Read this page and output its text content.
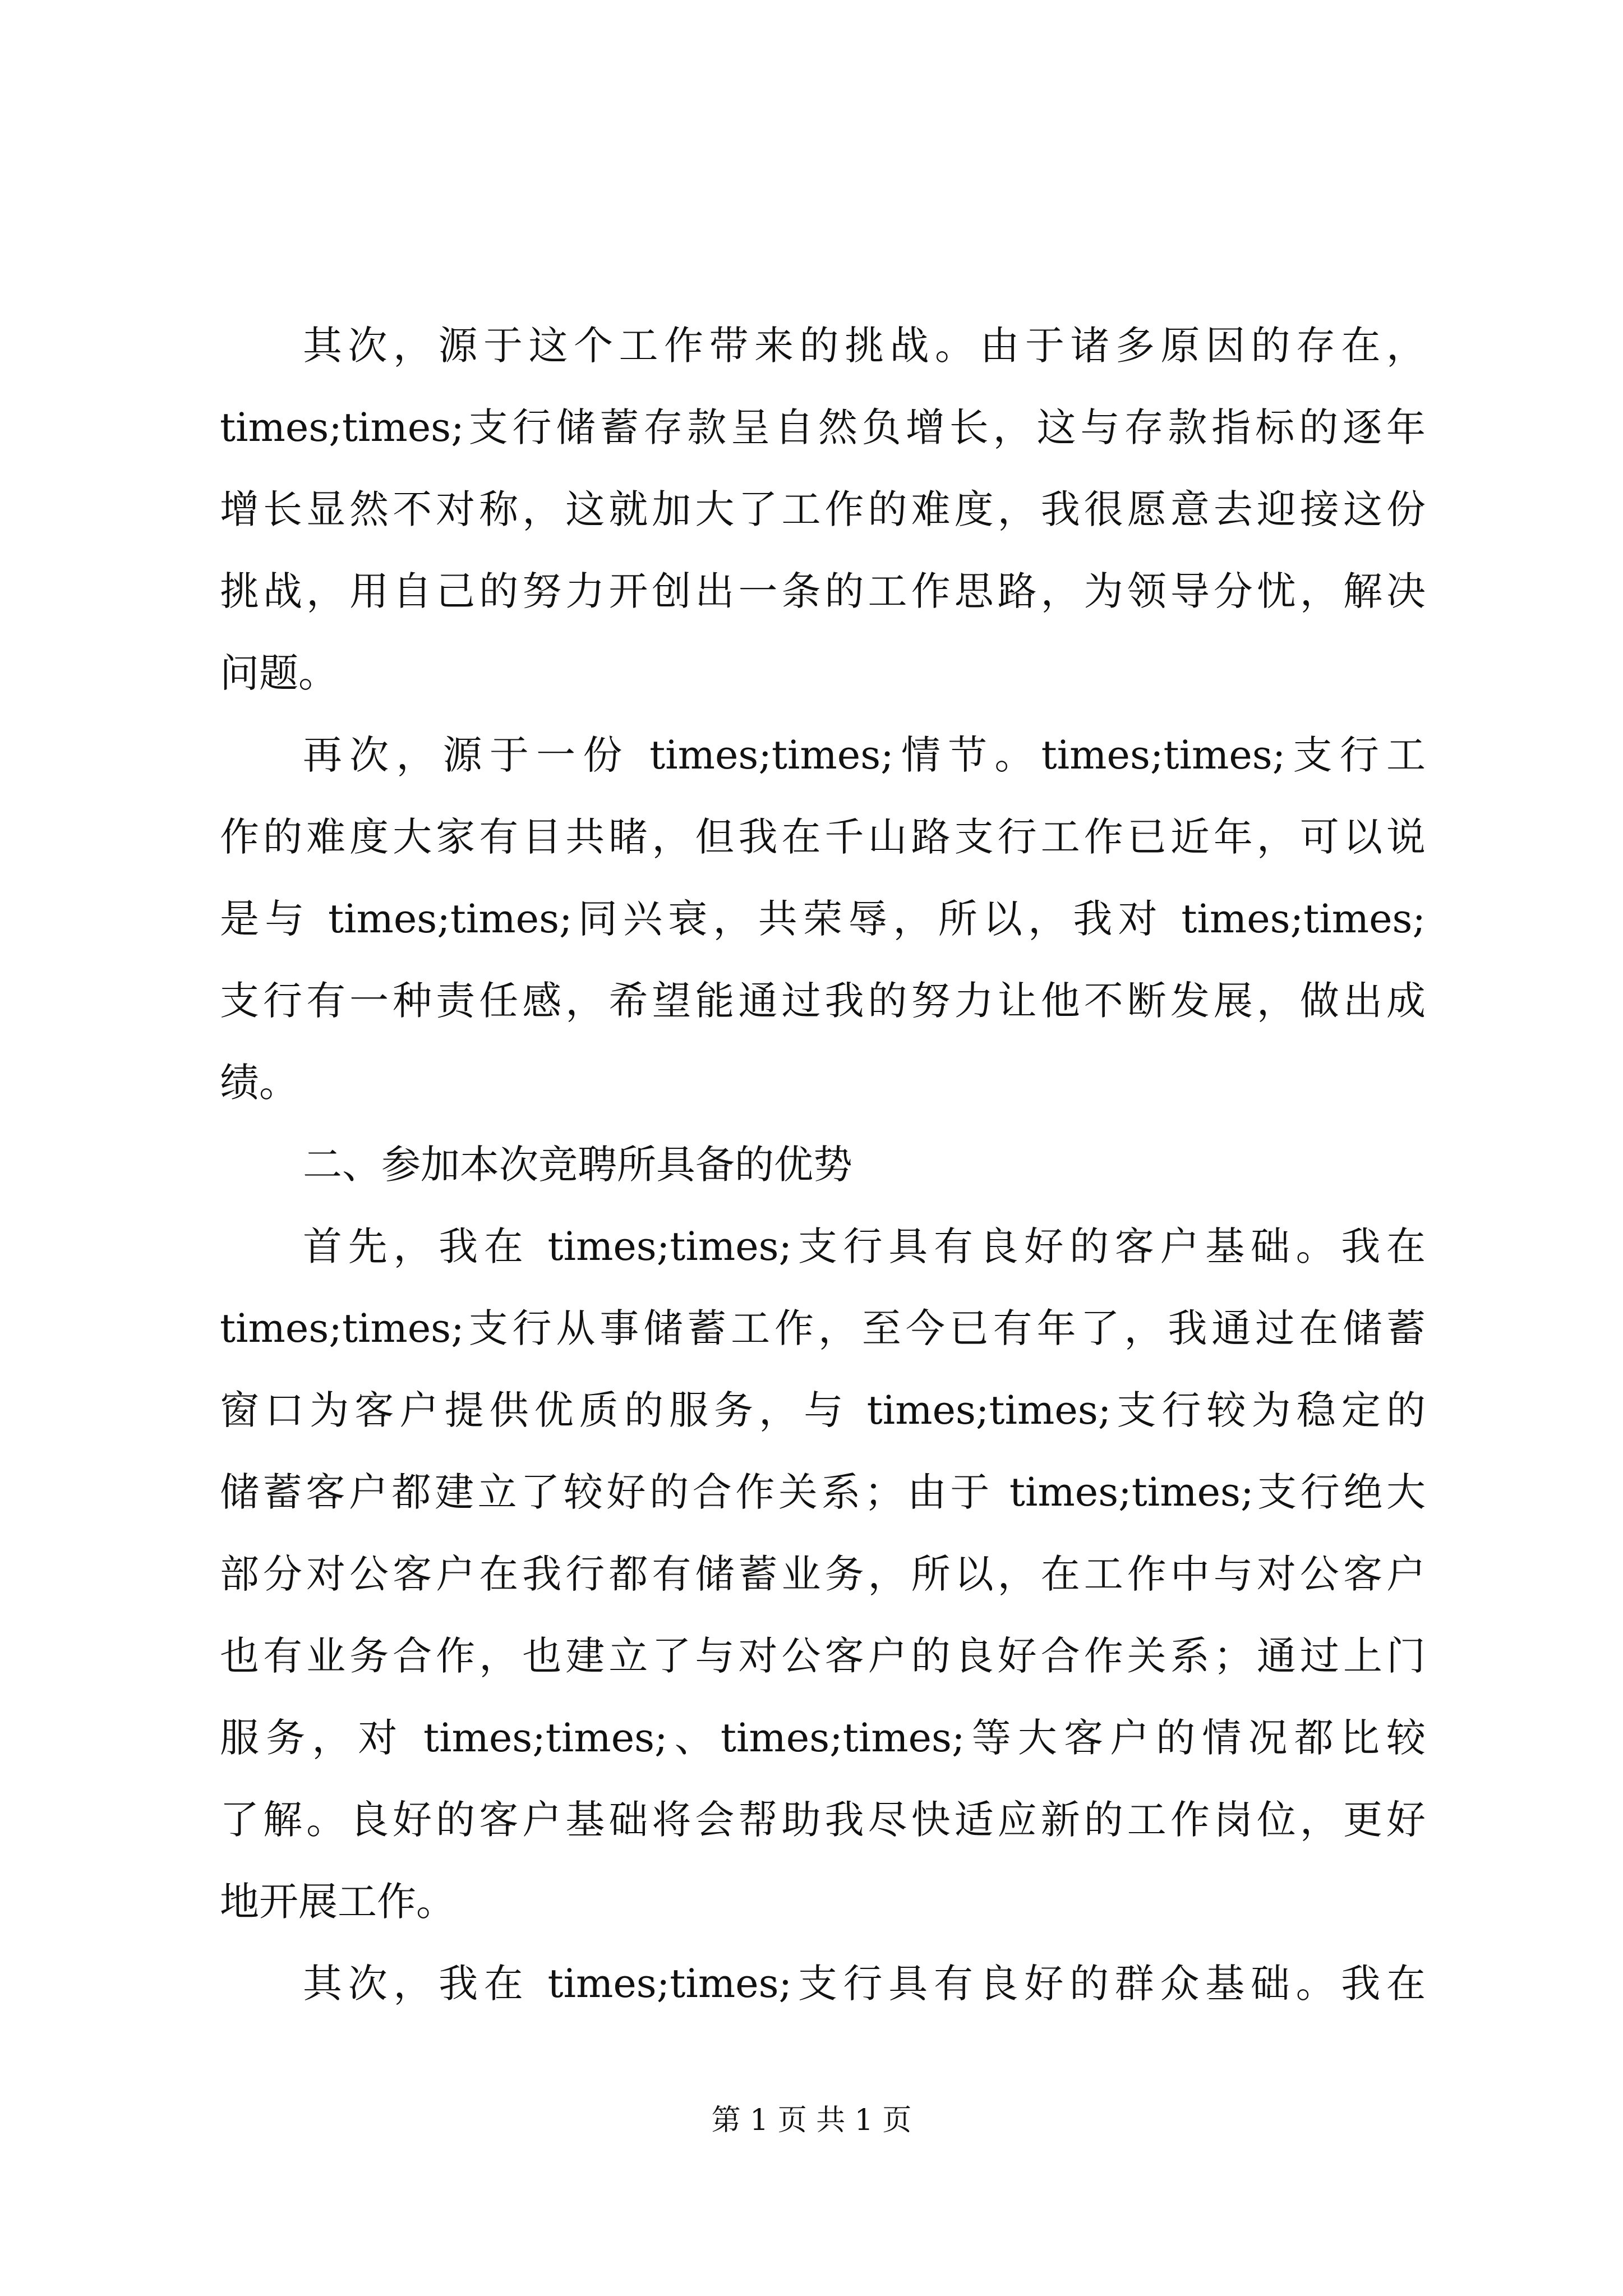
其次，源于这个工作带来的挑战。由于诸多原因的存在，
times;times;支行储蓄存款呈自然负增长，这与存款指标的逐年
增长显然不对称，这就加大了工作的难度，我很愿意去迎接这份
挑战，用自己的努力开创出一条的工作思路，为领导分忧，解决
问题。
再次，源于一份 times;times;情节。times;times;支行工
作的难度大家有目共睹，但我在千山路支行工作已近年，可以说
是与 times;times;同兴衰，共荣辱，所以，我对 times;times;
支行有一种责任感，希望能通过我的努力让他不断发展，做出成
绩。
二、参加本次竞聘所具备的优势
首先，我在 times;times;支行具有良好的客户基础。我在
times;times;支行从事储蓄工作，至今已有年了，我通过在储蓄
窗口为客户提供优质的服务，与 times;times;支行较为稳定的
储蓄客户都建立了较好的合作关系；由于 times;times;支行绝大
部分对公客户在我行都有储蓄业务，所以，在工作中与对公客户
也有业务合作，也建立了与对公客户的良好合作关系；通过上门
服务，对 times;times;、times;times;等大客户的情况都比较
了解。良好的客户基础将会帮助我尽快适应新的工作岗位，更好
地开展工作。
其次，我在 times;times;支行具有良好的群众基础。我在
第 1 页 共 1 页
